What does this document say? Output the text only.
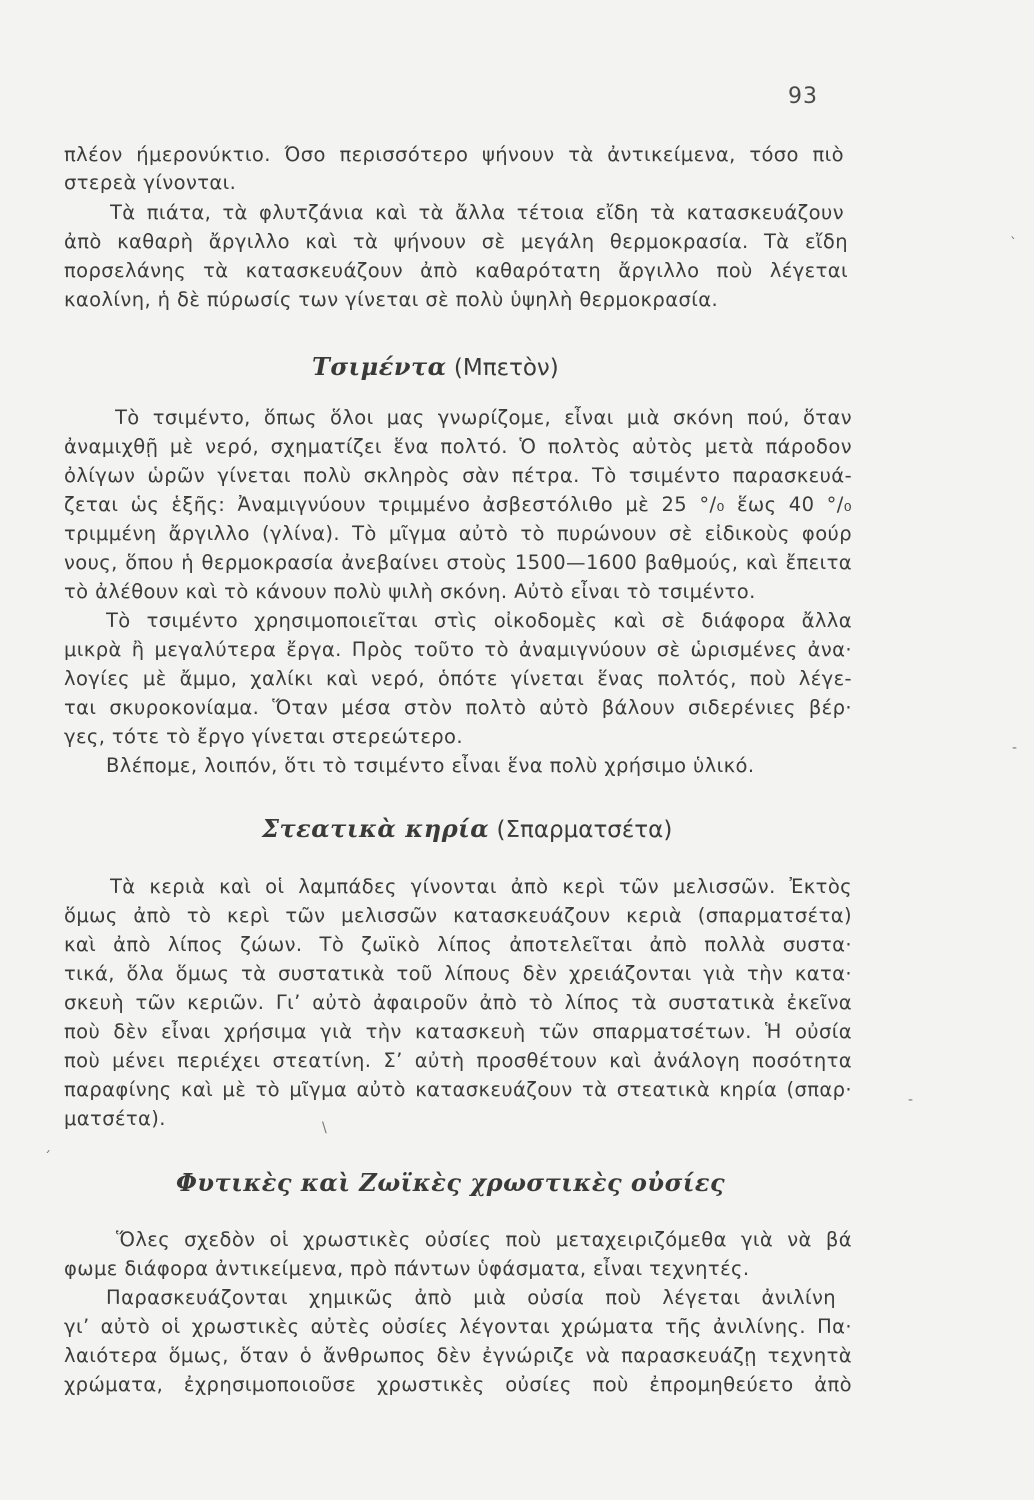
93
πλέον ήμερονύκτιο. Όσο περισσότερο ψήνουν τὰ ἀντικείμενα, τόσο πιὸ
στερεὰ γίνονται.
Τὰ πιάτα, τὰ φλυτζάνια καὶ τὰ ἄλλα τέτοια εἴδη τὰ κατασκευάζουν
ἀπὸ καθαρὴ ἄργιλλο καὶ τὰ ψήνουν σὲ μεγάλη θερμοκρασία. Τὰ εἴδη
πορσελάνης τὰ κατασκευάζουν ἀπὸ καθαρότατη ἄργιλλο ποὺ λέγεται
καολίνη, ἡ δὲ πύρωσίς των γίνεται σὲ πολὺ ὑψηλὴ θερμοκρασία.
Τσιμέντα (Μπετὸν)
Τὸ τσιμέντο, ὅπως ὅλοι μας γνωρίζομε, εἶναι μιὰ σκόνη πού, ὅταν
ἀναμιχθῇ μὲ νερό, σχηματίζει ἕνα πολτό. Ὁ πολτὸς αὐτὸς μετὰ πάροδον
ὀλίγων ὡρῶν γίνεται πολὺ σκληρὸς σὰν πέτρα. Τὸ τσιμέντο παρασκευά-
ζεται ὡς ἑξῆς: Ἀναμιγνύουν τριμμένο ἀσβεστόλιθο μὲ 25 °/₀ ἕως 40 °/₀
τριμμένη ἄργιλλο (γλίνα). Τὸ μῖγμα αὐτὸ τὸ πυρώνουν σὲ εἰδικοὺς φούρ
νους, ὅπου ἡ θερμοκρασία ἀνεβαίνει στοὺς 1500—1600 βαθμούς, καὶ ἔπειτα
τὸ ἀλέθουν καὶ τὸ κάνουν πολὺ ψιλὴ σκόνη. Αὐτὸ εἶναι τὸ τσιμέντο.
Τὸ τσιμέντο χρησιμοποιεῖται στὶς οἰκοδομὲς καὶ σὲ διάφορα ἄλλα
μικρὰ ἢ μεγαλύτερα ἔργα. Πρὸς τοῦτο τὸ ἀναμιγνύουν σὲ ὡρισμένες ἀνα·
λογίες μὲ ἄμμο, χαλίκι καὶ νερό, ὁπότε γίνεται ἕνας πολτός, ποὺ λέγε-
ται σκυροκονίαμα. Ὅταν μέσα στὸν πολτὸ αὐτὸ βάλουν σιδερένιες βέρ·
γες, τότε τὸ ἔργο γίνεται στερεώτερο.
Βλέπομε, λοιπόν, ὅτι τὸ τσιμέντο εἶναι ἕνα πολὺ χρήσιμο ὑλικό.
Στεατικὰ κηρία (Σπαρματσέτα)
Τὰ κεριὰ καὶ οἱ λαμπάδες γίνονται ἀπὸ κερὶ τῶν μελισσῶν. Ἐκτὸς
ὅμως ἀπὸ τὸ κερὶ τῶν μελισσῶν κατασκευάζουν κεριὰ (σπαρματσέτα)
καὶ ἀπὸ λίπος ζώων. Τὸ ζωϊκὸ λίπος ἀποτελεῖται ἀπὸ πολλὰ συστα·
τικά, ὅλα ὅμως τὰ συστατικὰ τοῦ λίπους δὲν χρειάζονται γιὰ τὴν κατα·
σκευὴ τῶν κεριῶν. Γι’ αὐτὸ ἀφαιροῦν ἀπὸ τὸ λίπος τὰ συστατικὰ ἐκεῖνα
ποὺ δὲν εἶναι χρήσιμα γιὰ τὴν κατασκευὴ τῶν σπαρματσέτων. Ἡ οὐσία
ποὺ μένει περιέχει στεατίνη. Σ’ αὐτὴ προσθέτουν καὶ ἀνάλογη ποσότητα
παραφίνης καὶ μὲ τὸ μῖγμα αὐτὸ κατασκευάζουν τὰ στεατικὰ κηρία (σπαρ·
ματσέτα).
Φυτικὲς καὶ Ζωϊκὲς χρωστικὲς οὐσίες
Ὅλες σχεδὸν οἱ χρωστικὲς οὐσίες ποὺ μεταχειριζόμεθα γιὰ νὰ βά
φωμε διάφορα ἀντικείμενα, πρὸ πάντων ὑφάσματα, εἶναι τεχνητές.
Παρασκευάζονται χημικῶς ἀπὸ μιὰ οὐσία ποὺ λέγεται ἀνιλίνη
γι’ αὐτὸ οἱ χρωστικὲς αὐτὲς οὐσίες λέγονται χρώματα τῆς ἀνιλίνης. Πα·
λαιότερα ὅμως, ὅταν ὁ ἄνθρωπος δὲν ἐγνώριζε νὰ παρασκευάζῃ τεχνητὰ
χρώματα, ἐχρησιμοποιοῦσε χρωστικὲς οὐσίες ποὺ ἐπρομηθεύετο ἀπὸ
ˋ
-
-
\
ˊ
